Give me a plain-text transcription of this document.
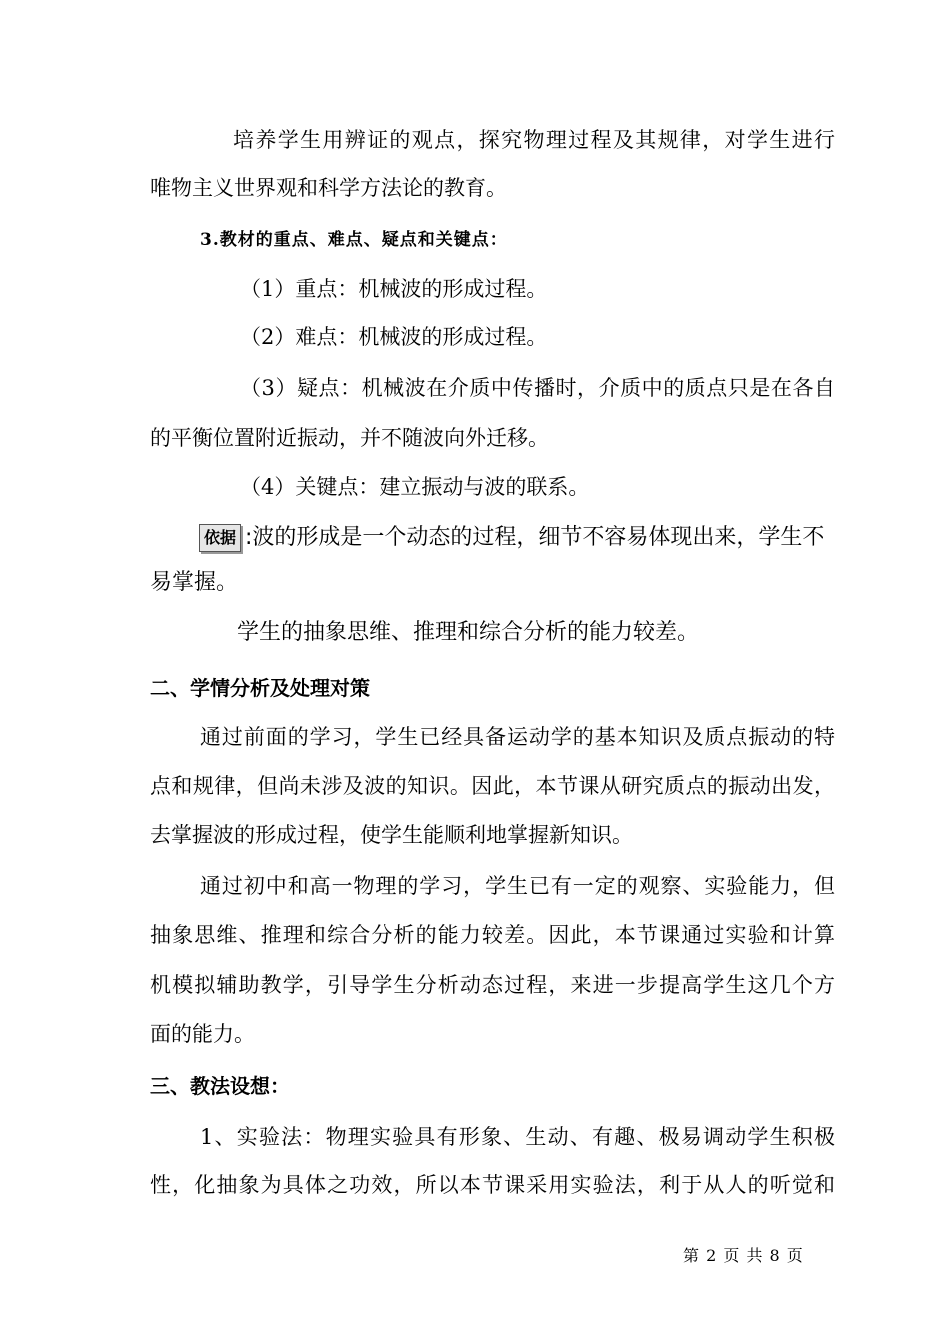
培养学生用辨证的观点，探究物理过程及其规律，对学生进行
唯物主义世界观和科学方法论的教育。
3.教材的重点、难点、疑点和关键点：
（1）重点：机械波的形成过程。
（2）难点：机械波的形成过程。
（3）疑点：机械波在介质中传播时，介质中的质点只是在各自
的平衡位置附近振动，并不随波向外迁移。
（4）关键点：建立振动与波的联系。
依据 :波的形成是一个动态的过程，细节不容易体现出来，学生不
易掌握。
学生的抽象思维、推理和综合分析的能力较差。
二、学情分析及处理对策
通过前面的学习，学生已经具备运动学的基本知识及质点振动的特
点和规律，但尚未涉及波的知识。因此，本节课从研究质点的振动出发，
去掌握波的形成过程，使学生能顺利地掌握新知识。
通过初中和高一物理的学习，学生已有一定的观察、实验能力，但
抽象思维、推理和综合分析的能力较差。因此，本节课通过实验和计算
机模拟辅助教学，引导学生分析动态过程，来进一步提高学生这几个方
面的能力。
三、教法设想：
1、实验法：物理实验具有形象、生动、有趣、极易调动学生积极
性，化抽象为具体之功效，所以本节课采用实验法，利于从人的听觉和
第 2 页 共 8 页
